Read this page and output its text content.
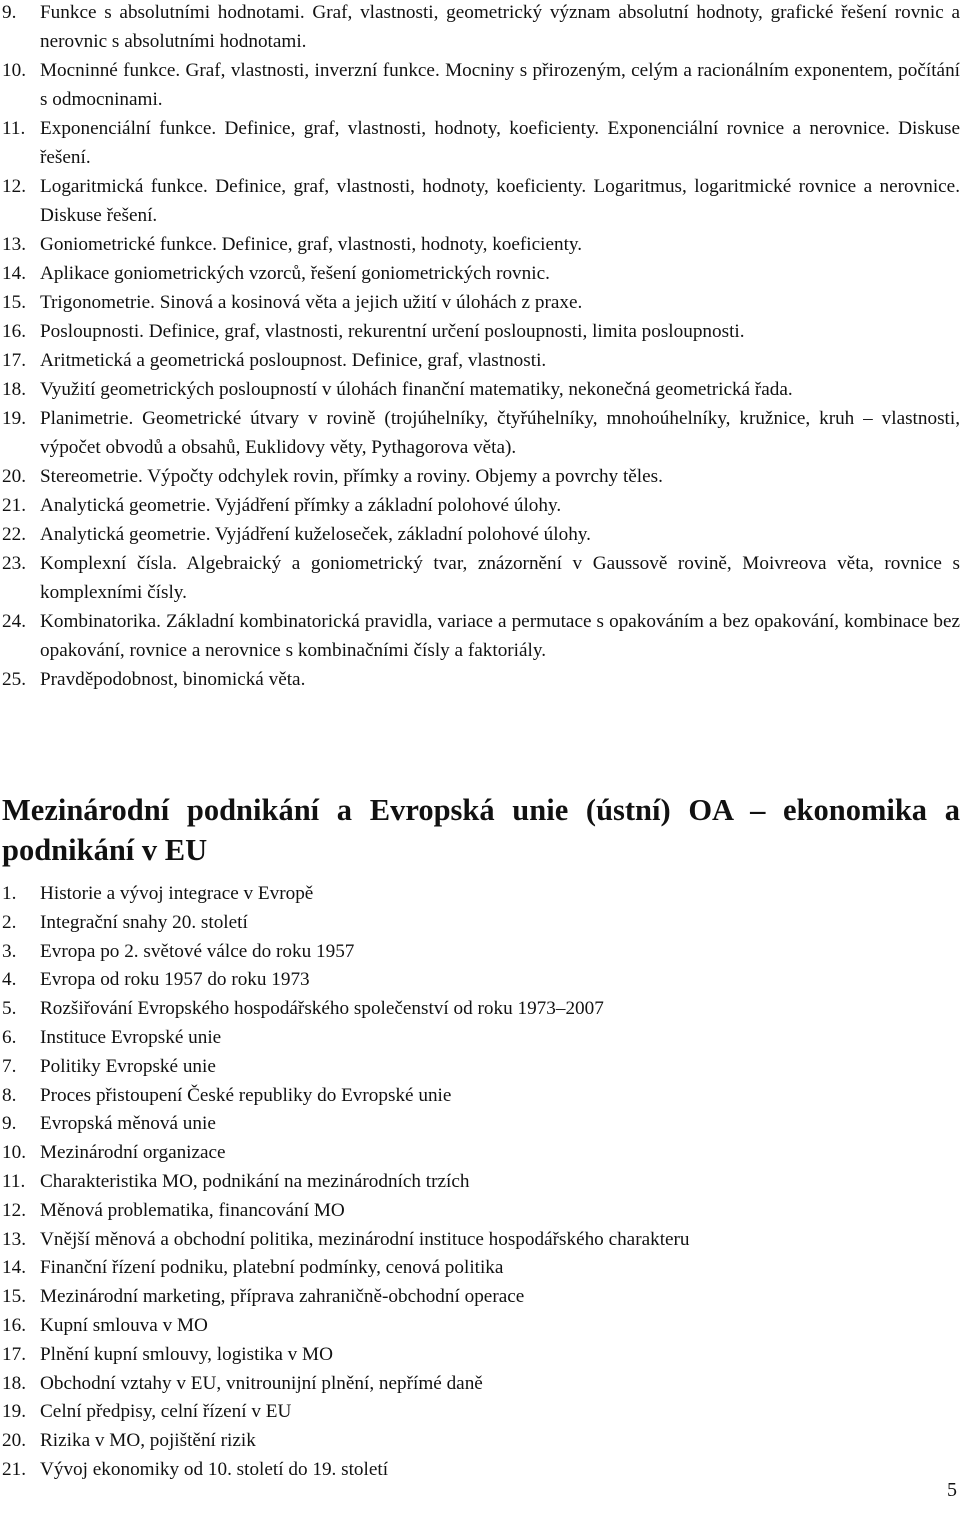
9.	Funkce s absolutními hodnotami. Graf, vlastnosti, geometrický význam absolutní hodnoty, grafické řešení rovnic a nerovnic s absolutními hodnotami.
10. Mocninné funkce. Graf, vlastnosti, inverzní funkce. Mocniny s přirozeným, celým a racionálním exponentem, počítání s odmocninami.
11. Exponenciální funkce. Definice, graf, vlastnosti, hodnoty, koeficienty. Exponenciální rovnice a nerovnice. Diskuse řešení.
12. Logaritmická funkce. Definice, graf, vlastnosti, hodnoty, koeficienty. Logaritmus, logaritmické rovnice a nerovnice. Diskuse řešení.
13. Goniometrické funkce. Definice, graf, vlastnosti, hodnoty, koeficienty.
14. Aplikace goniometrických vzorců, řešení goniometrických rovnic.
15. Trigonometrie. Sinová a kosinová věta a jejich užití v úlohách z praxe.
16. Posloupnosti. Definice, graf, vlastnosti, rekurentní určení posloupnosti, limita posloupnosti.
17. Aritmetická a geometrická posloupnost. Definice, graf, vlastnosti.
18. Využití geometrických posloupností v úlohách finanční matematiky, nekonečná geometrická řada.
19. Planimetrie. Geometrické útvary v rovině (trojúhelníky, čtyřúhelníky, mnohoúhelníky, kružnice, kruh – vlastnosti, výpočet obvodů a obsahů, Euklidovy věty, Pythagorova věta).
20. Stereometrie. Výpočty odchylek rovin, přímky a roviny. Objemy a povrchy těles.
21. Analytická geometrie. Vyjádření přímky a základní polohové úlohy.
22. Analytická geometrie. Vyjádření kuželoseček, základní polohové úlohy.
23. Komplexní čísla. Algebraický a goniometrický tvar, znázornění v Gaussově rovině, Moivreova věta, rovnice s komplexními čísly.
24. Kombinatorika. Základní kombinatorická pravidla, variace a permutace s opakováním a bez opakování, kombinace bez opakování, rovnice a nerovnice s kombinačními čísly a faktoriály.
25. Pravděpodobnost, binomická věta.
Mezinárodní podnikání a Evropská unie (ústní) OA – ekonomika a podnikání v EU
1.	Historie a vývoj integrace v Evropě
2.	Integrační snahy 20. století
3.	Evropa po 2. světové válce do roku 1957
4.	Evropa od roku 1957 do roku 1973
5.	Rozšiřování Evropského hospodářského společenství od roku 1973–2007
6.	Instituce Evropské unie
7.	Politiky Evropské unie
8.	Proces přistoupení České republiky do Evropské unie
9.	Evropská měnová unie
10. Mezinárodní organizace
11. Charakteristika MO, podnikání na mezinárodních trzích
12. Měnová problematika, financování MO
13. Vnější měnová a obchodní politika, mezinárodní instituce hospodářského charakteru
14. Finanční řízení podniku, platební podmínky, cenová politika
15. Mezinárodní marketing, příprava zahraničně-obchodní operace
16. Kupní smlouva v MO
17. Plnění kupní smlouvy, logistika v MO
18. Obchodní vztahy v EU, vnitrounijní plnění, nepřímé daně
19. Celní předpisy, celní řízení v EU
20. Rizika v MO, pojištění rizik
21. Vývoj ekonomiky od 10. století do 19. století
5
